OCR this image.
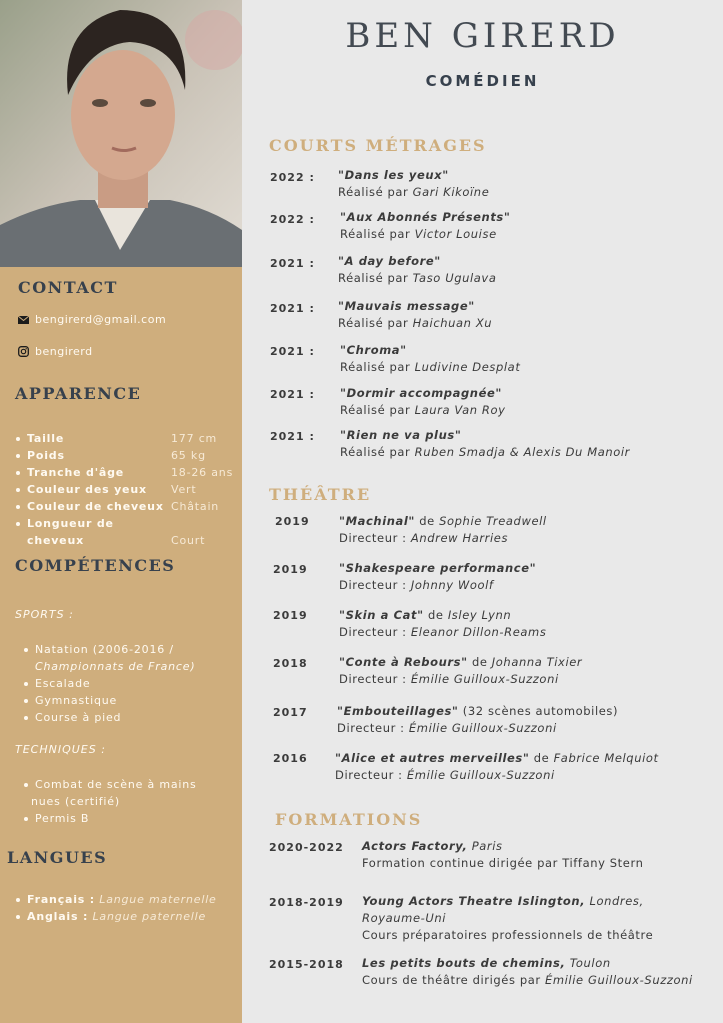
CONTACT
bengirerd@gmail.com
bengirerd
APPARENCE
Taille	177 cm
Poids	65 kg
Tranche d'âge	18-26 ans
Couleur des yeux Vert
Couleur de cheveux Châtain
Longueur de cheveux	Court
COMPÉTENCES
SPORTS :
Natation (2006-2016 /
Championnats de France)
Escalade
Gymnastique
Course à pied
TECHNIQUES :
Combat de scène à mains
nues (certifié)
Permis B
LANGUES
Français : Langue maternelle
Anglais : Langue paternelle
BEN GIRERD
COMÉDIEN
COURTS MÉTRAGES
2022 : "Dans les yeux"
Réalisé par Gari Kikoïne
2022 : "Aux Abonnés Présents"
Réalisé par Victor Louise
2021 : "A day before"
Réalisé par Taso Ugulava
2021 : "Mauvais message"
Réalisé par Haichuan Xu
2021 : "Chroma"
Réalisé par Ludivine Desplat
2021 : "Dormir accompagnée"
Réalisé par Laura Van Roy
2021 : "Rien ne va plus"
Réalisé par Ruben Smadja & Alexis Du Manoir
THÉÂTRE
2019	"Machinal" de Sophie Treadwell
Directeur : Andrew Harries
2019	"Shakespeare performance"
Directeur : Johnny Woolf
2019	"Skin a Cat" de Isley Lynn
Directeur : Eleanor Dillon-Reams
2018	"Conte à Rebours" de Johanna Tixier
Directeur : Émilie Guilloux-Suzzoni
2017	"Embouteillages" (32 scènes automobiles)
Directeur : Émilie Guilloux-Suzzoni
2016 "Alice et autres merveilles" de Fabrice Melquiot
Directeur : Émilie Guilloux-Suzzoni
FORMATIONS
2020-2022 Actors Factory, Paris
Formation continue dirigée par Tiffany Stern
2018-2019 Young Actors Theatre Islington, Londres,
Royaume-Uni
Cours préparatoires professionnels de théâtre
2015-2018 Les petits bouts de chemins, Toulon
Cours de théâtre dirigés par Émilie Guilloux-Suzzoni
